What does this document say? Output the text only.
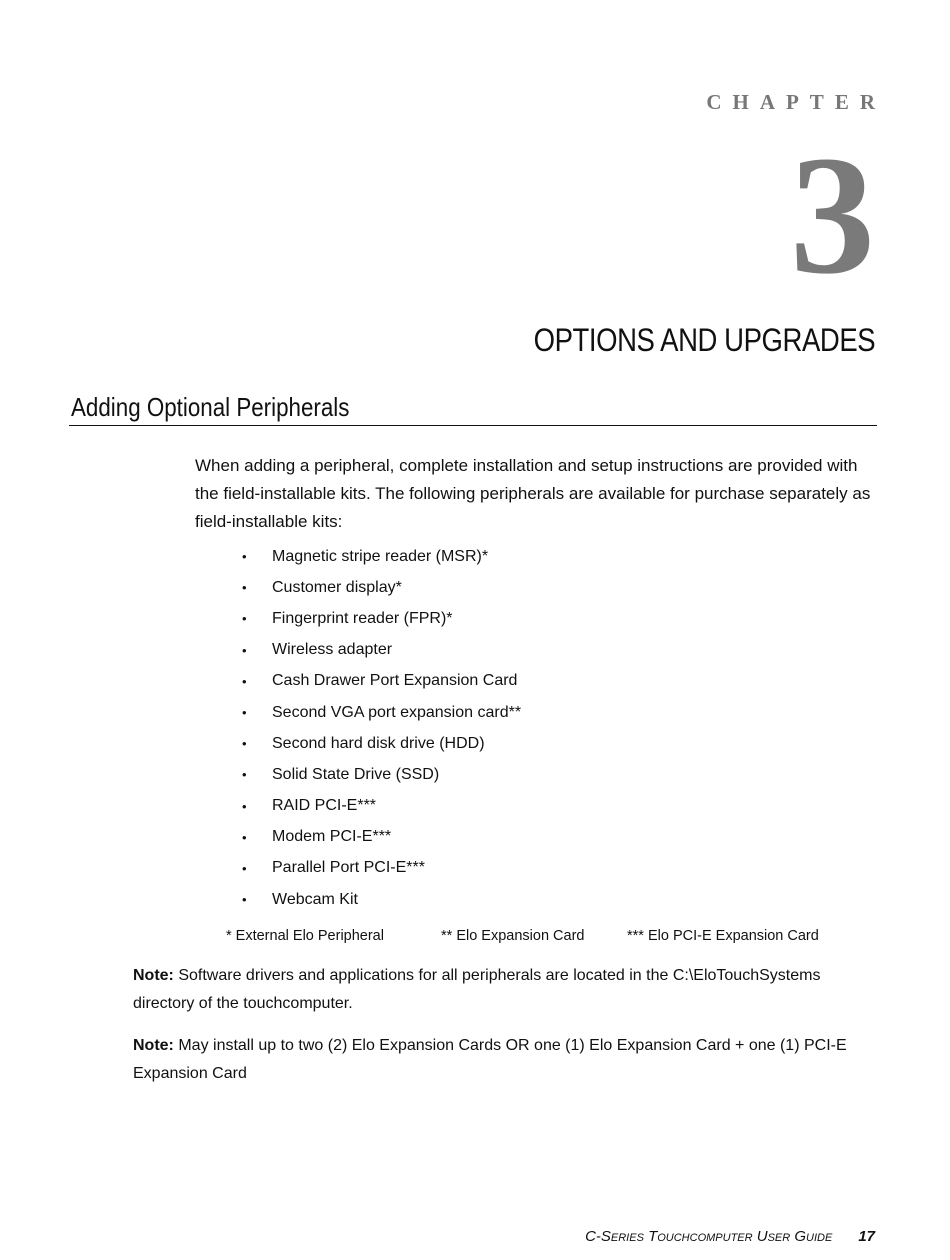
CHAPTER
3
OPTIONS AND UPGRADES
Adding Optional Peripherals

When adding a peripheral, complete installation and setup instructions are provided with the field-installable kits. The following peripherals are available for purchase separately as field-installable kits:

•	Magnetic stripe reader (MSR)*
•	Customer display*
•	Fingerprint reader (FPR)*
•	Wireless adapter
•	Cash Drawer Port Expansion Card
•	Second VGA port expansion card**
•	Second hard disk drive (HDD)
•	Solid State Drive (SSD)
•	RAID PCI-E***
•	Modem PCI-E***
•	Parallel Port PCI-E***
•	Webcam Kit
* External Elo Peripheral	** Elo Expansion Card	*** Elo PCI-E Expansion Card

Note: Software drivers and applications for all peripherals are located in the C:\EloTouchSystems directory of the touchcomputer.

Note: May install up to two (2) Elo Expansion Cards OR one (1) Elo Expansion Card + one (1) PCI-E Expansion Card

C-Series Touchcomputer User Guide 17
